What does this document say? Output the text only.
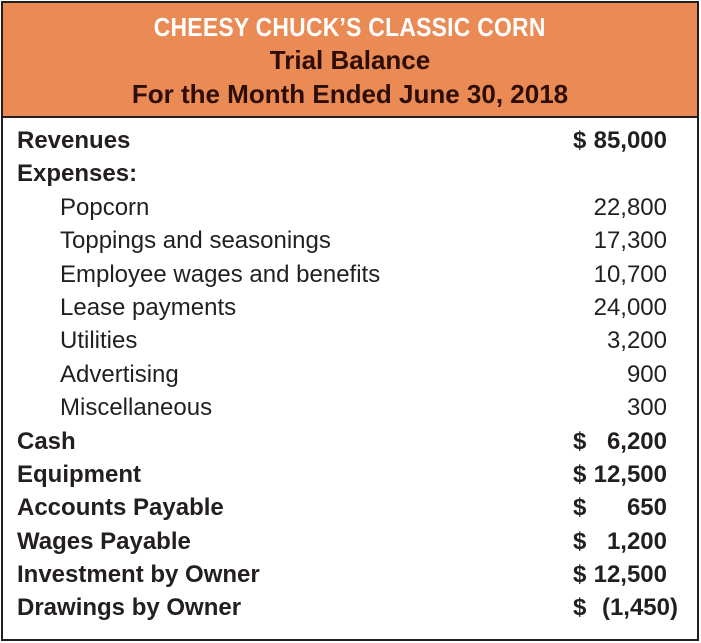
CHEESY CHUCK’S CLASSIC CORN
Trial Balance
For the Month Ended June 30, 2018
Revenues	$ 85,000
Expenses:
Popcorn	22,800
Toppings and seasonings	17,300
Employee wages and benefits	10,700
Lease payments	24,000
Utilities	3,200
Advertising	900
Miscellaneous	300
Cash	$ 6,200
Equipment	$ 12,500
Accounts Payable	$ 650
Wages Payable	$ 1,200
Investment by Owner	$ 12,500
Drawings by Owner	$ (1,450)
